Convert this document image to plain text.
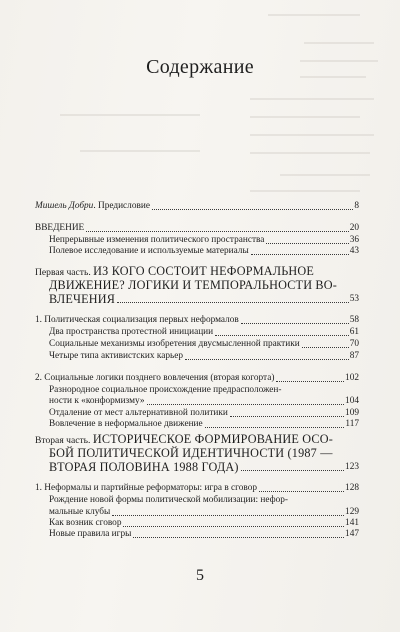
Содержание
Мишель Добри. Предисловие	8
ВВЕДЕНИЕ	20
Непрерывные изменения политического пространства	36
Полевое исследование и используемые материалы	43
Первая часть. ИЗ КОГО СОСТОИТ НЕФОРМАЛЬНОЕ
ДВИЖЕНИЕ? ЛОГИКИ И ТЕМПОРАЛЬНОСТИ ВО-
ВЛЕЧЕНИЯ	53
1. Политическая социализация первых неформалов	58
Два пространства протестной инициации	61
Социальные механизмы изобретения двусмысленной практики	70
Четыре типа активистских карьер	87
2. Социальные логики позднего вовлечения (вторая когорта)	102
Разнородное социальное происхождение предрасположен-
ности к «конформизму»	104
Отдаление от мест альтернативной политики	109
Вовлечение в неформальное движение	117
Вторая часть. ИСТОРИЧЕСКОЕ ФОРМИРОВАНИЕ ОСО-
БОЙ ПОЛИТИЧЕСКОЙ ИДЕНТИЧНОСТИ (1987 —
ВТОРАЯ ПОЛОВИНА 1988 ГОДА)	123
1. Неформалы и партийные реформаторы: игра в сговор	128
Рождение новой формы политической мобилизации: нефор-
мальные клубы	129
Как возник сговор	141
Новые правила игры	147
5
